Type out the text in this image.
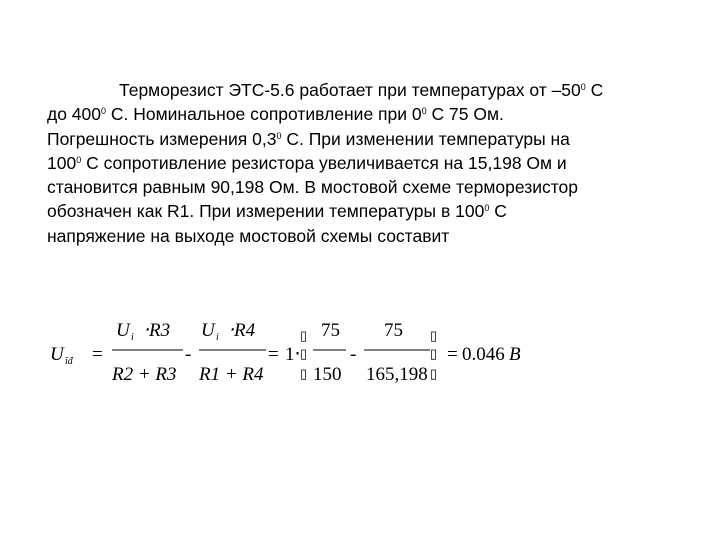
Терморезист ЭТС-5.6 работает при температурах от $-50^0$ С
до $400^0$ С. Номинальное сопротивление при $0^0$ С 75 Ом.
Погрешность измерения $0,3^0$ С. При изменении температуры на
$100^0$ С сопротивление резистора увеличивается на 15,198 Ом и
становится равным 90,198 Ом. В мостовой схеме терморезистор
обозначен как R1. При измерении температуры в $100^0$ С
напряжение на выходе мостовой схемы составит
U îđ =
U i ⋅R3
R2 + R3
-
U i ⋅R4
R1 + R4
= 1⋅
▯
▯
▯
75
150
-
75
165,198
▯
▯
▯
= 0.046 B
